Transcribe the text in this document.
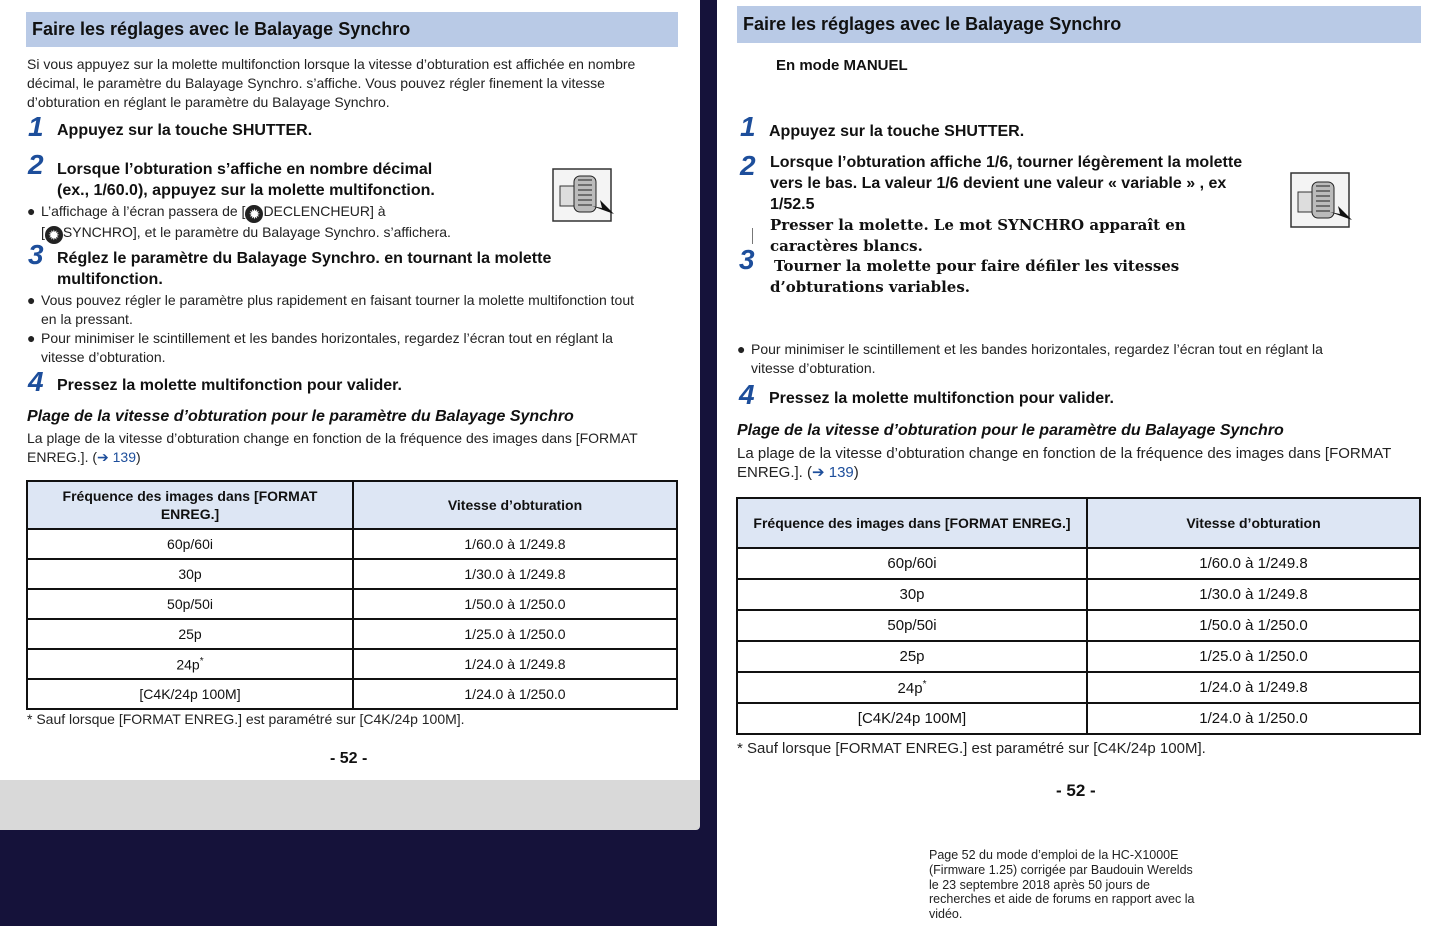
Faire les réglages avec le Balayage Synchro
Si vous appuyez sur la molette multifonction lorsque la vitesse d’obturation est affichée en nombre
décimal, le paramètre du Balayage Synchro. s’affiche. Vous pouvez régler finement la vitesse
d’obturation en réglant le paramètre du Balayage Synchro.
1 Appuyez sur la touche SHUTTER.
2 Lorsque l’obturation s’affiche en nombre décimal
(ex., 1/60.0), appuyez sur la molette multifonction.
● L’affichage à l’écran passera de [ ✹ DECLENCHEUR] à
[ ✹ SYNCHRO], et le paramètre du Balayage Synchro. s’affichera.
3 Réglez le paramètre du Balayage Synchro. en tournant la molette
multifonction.
● Vous pouvez régler le paramètre plus rapidement en faisant tourner la molette multifonction tout
en la pressant.
● Pour minimiser le scintillement et les bandes horizontales, regardez l’écran tout en réglant la
vitesse d’obturation.
4 Pressez la molette multifonction pour valider.
Plage de la vitesse d’obturation pour le paramètre du Balayage Synchro
La plage de la vitesse d’obturation change en fonction de la fréquence des images dans [FORMAT
ENREG.]. (➔ 139)
Fréquence des images dans [FORMAT ENREG.]	Vitesse d’obturation
60p/60i	1/60.0 à 1/249.8
30p	1/30.0 à 1/249.8
50p/50i	1/50.0 à 1/250.0
25p	1/25.0 à 1/250.0
24p*	1/24.0 à 1/249.8
[C4K/24p 100M]	1/24.0 à 1/250.0
* Sauf lorsque [FORMAT ENREG.] est paramétré sur [C4K/24p 100M].
- 52 -
Faire les réglages avec le Balayage Synchro
En mode MANUEL
1 Appuyez sur la touche SHUTTER.
2 Lorsque l’obturation affiche 1/6, tourner légèrement la molette
vers le bas. La valeur 1/6 devient une valeur « variable » , ex
1/52.5
Presser la molette. Le mot SYNCHRO apparaît en
caractères blancs.
3 Tourner la molette pour faire défiler les vitesses
d’obturations variables.
● Pour minimiser le scintillement et les bandes horizontales, regardez l’écran tout en réglant la
vitesse d’obturation.
4 Pressez la molette multifonction pour valider.
Plage de la vitesse d’obturation pour le paramètre du Balayage Synchro
La plage de la vitesse d’obturation change en fonction de la fréquence des images dans [FORMAT
ENREG.]. (➔ 139)
Fréquence des images dans [FORMAT ENREG.]	Vitesse d’obturation
60p/60i	1/60.0 à 1/249.8
30p	1/30.0 à 1/249.8
50p/50i	1/50.0 à 1/250.0
25p	1/25.0 à 1/250.0
24p*	1/24.0 à 1/249.8
[C4K/24p 100M]	1/24.0 à 1/250.0
* Sauf lorsque [FORMAT ENREG.] est paramétré sur [C4K/24p 100M].
- 52 -
Page 52 du mode d’emploi de la HC-X1000E
(Firmware 1.25) corrigée par Baudouin Werelds
le 23 septembre 2018 après 50 jours de
recherches et aide de forums en rapport avec la
vidéo.
